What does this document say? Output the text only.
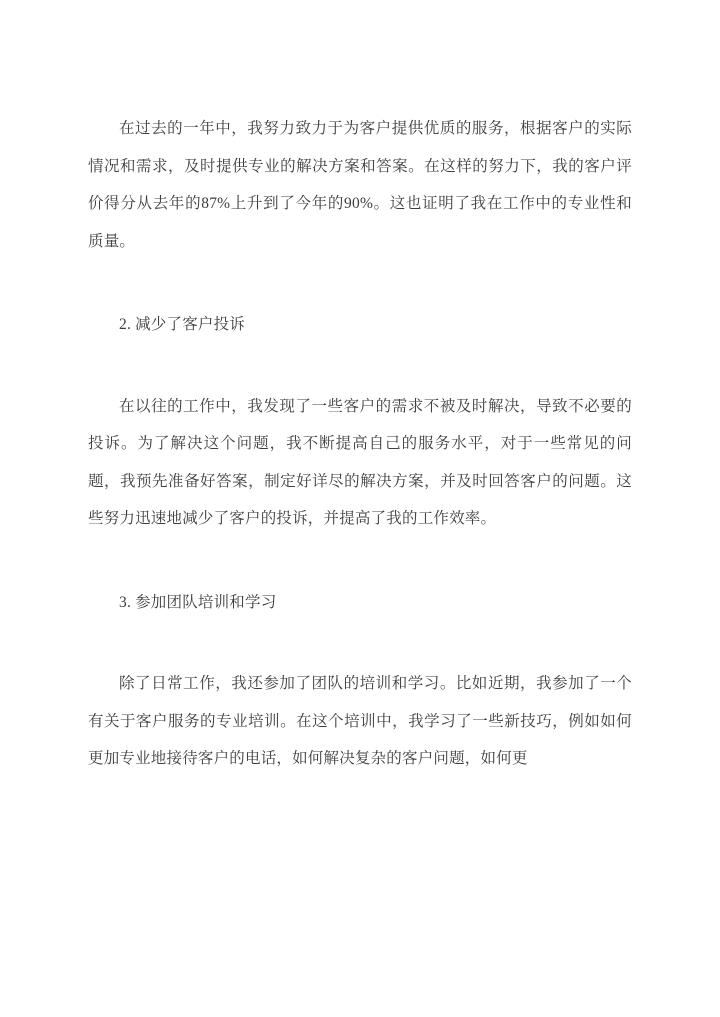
在过去的一年中，我努力致力于为客户提供优质的服务，根据客户的实际情况和需求，及时提供专业的解决方案和答案。在这样的努力下，我的客户评价得分从去年的87%上升到了今年的90%。这也证明了我在工作中的专业性和质量。

2. 减少了客户投诉

在以往的工作中，我发现了一些客户的需求不被及时解决，导致不必要的投诉。为了解决这个问题，我不断提高自己的服务水平，对于一些常见的问题，我预先准备好答案，制定好详尽的解决方案，并及时回答客户的问题。这些努力迅速地减少了客户的投诉，并提高了我的工作效率。

3. 参加团队培训和学习

除了日常工作，我还参加了团队的培训和学习。比如近期，我参加了一个有关于客户服务的专业培训。在这个培训中，我学习了一些新技巧，例如如何更加专业地接待客户的电话，如何解决复杂的客户问题，如何更
